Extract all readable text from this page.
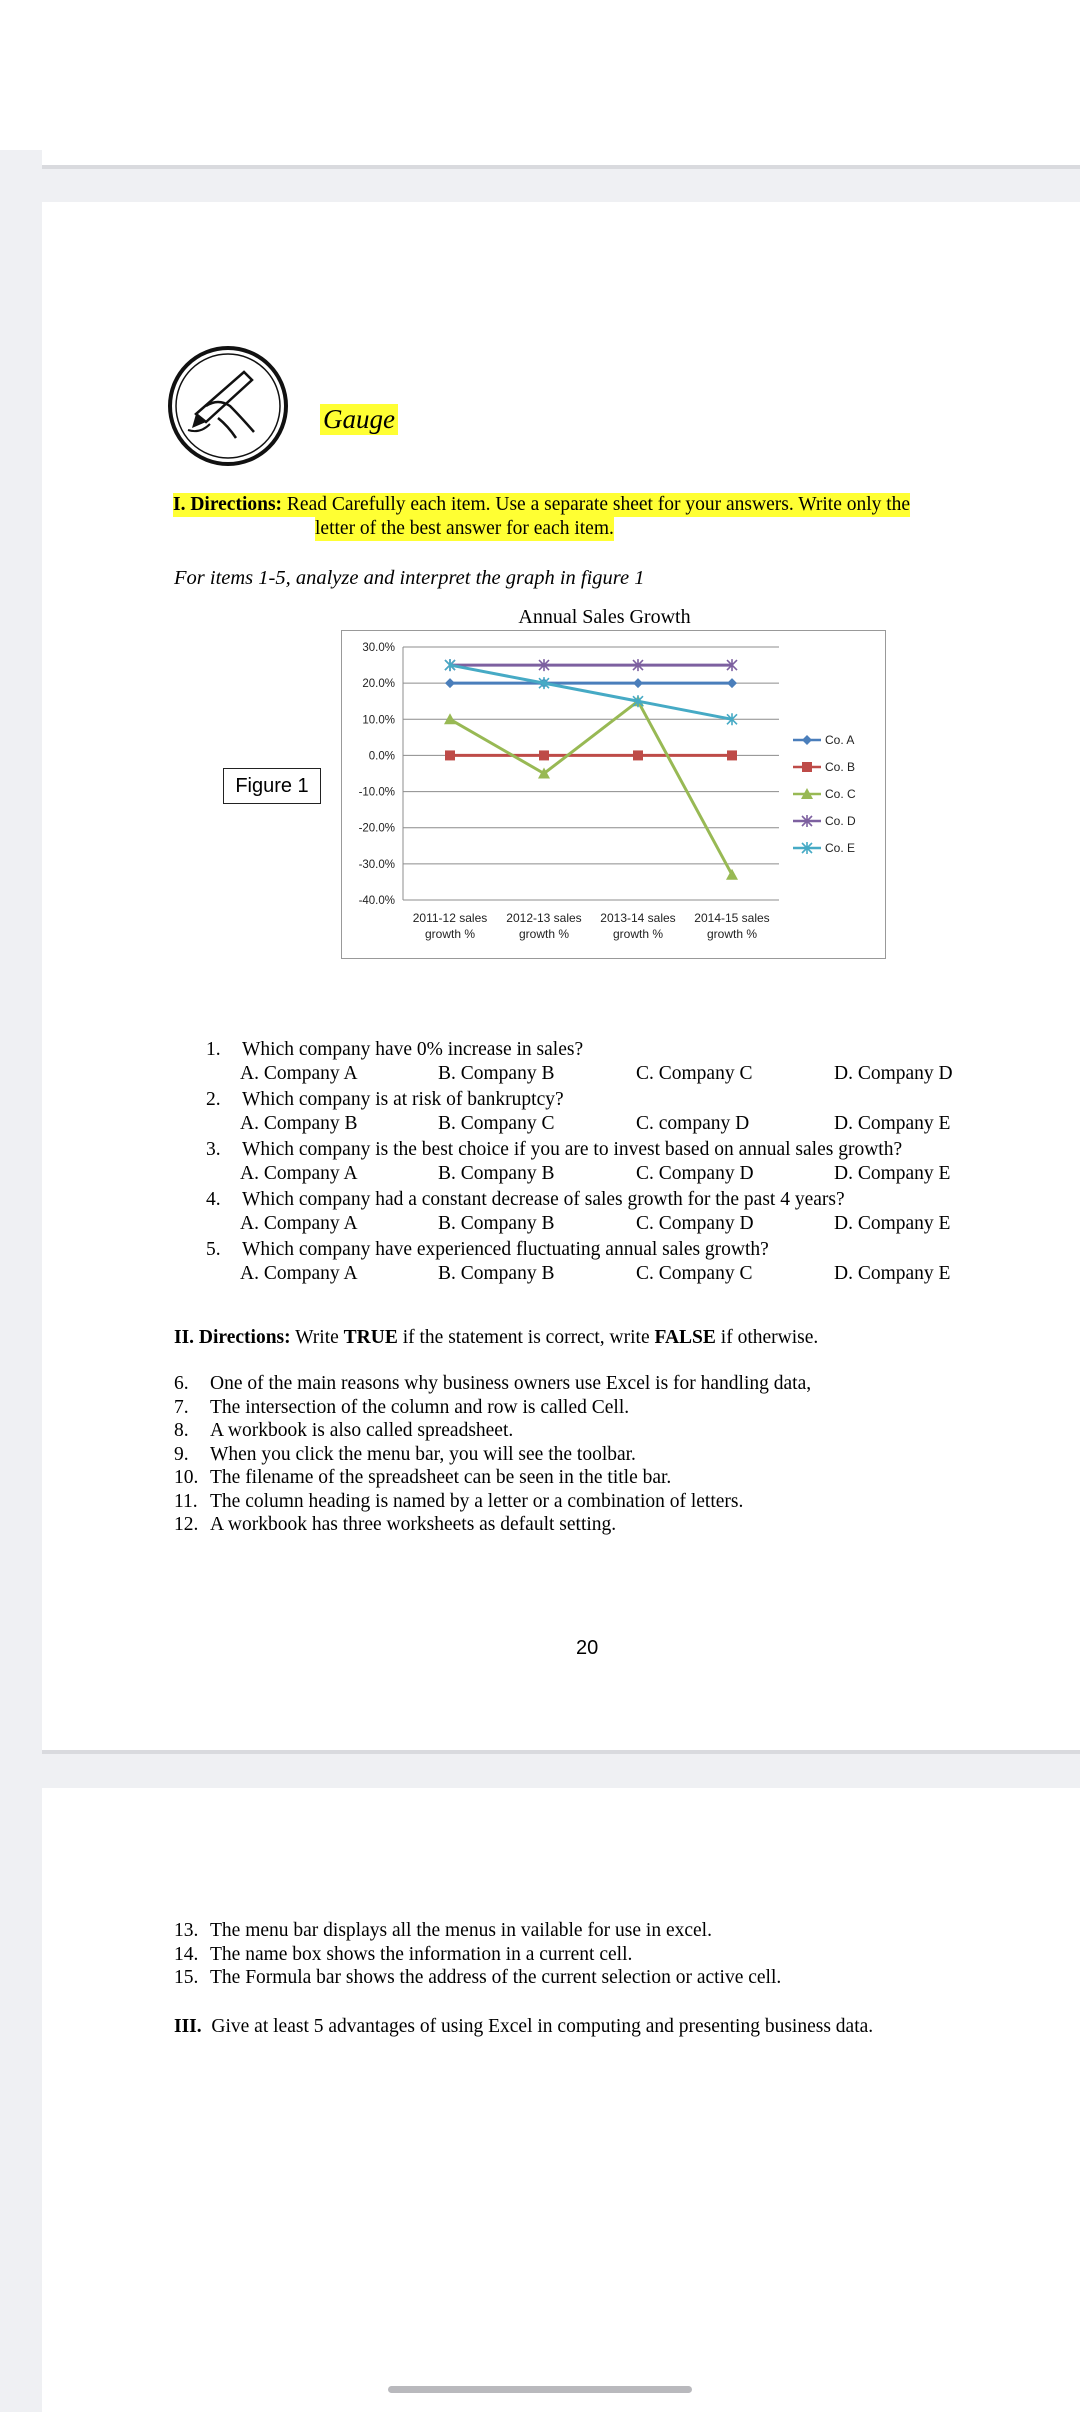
Gauge
I. Directions: Read Carefully each item. Use a separate sheet for your answers. Write only the
letter of the best answer for each item.
For items 1-5, analyze and interpret the graph in figure 1
Figure 1
Annual Sales Growth
30.0%
20.0%
10.0%
0.0%
-10.0%
-20.0%
-30.0%
-40.0%
2011-12 sales
growth %
2012-13 sales
growth %
2013-14 sales
growth %
2014-15 sales
growth %
Co. A
Co. B
Co. C
Co. D
Co. E
1. Which company have 0% increase in sales?
A. Company A	B. Company B	C. Company C	D. Company D
2. Which company is at risk of bankruptcy?
A. Company B	B. Company C	C. company D	D. Company E
3. Which company is the best choice if you are to invest based on annual sales growth?
A. Company A	B. Company B	C. Company D	D. Company E
4. Which company had a constant decrease of sales growth for the past 4 years?
A. Company A	B. Company B	C. Company D	D. Company E
5. Which company have experienced fluctuating annual sales growth?
A. Company A	B. Company B	C. Company C	D. Company E
II. Directions: Write TRUE if the statement is correct, write FALSE if otherwise.
6. One of the main reasons why business owners use Excel is for handling data,
7. The intersection of the column and row is called Cell.
8. A workbook is also called spreadsheet.
9. When you click the menu bar, you will see the toolbar.
10. The filename of the spreadsheet can be seen in the title bar.
11. The column heading is named by a letter or a combination of letters.
12. A workbook has three worksheets as default setting.
20
13. The menu bar displays all the menus in vailable for use in excel.
14. The name box shows the information in a current cell.
15. The Formula bar shows the address of the current selection or active cell.
III. Give at least 5 advantages of using Excel in computing and presenting business data.
